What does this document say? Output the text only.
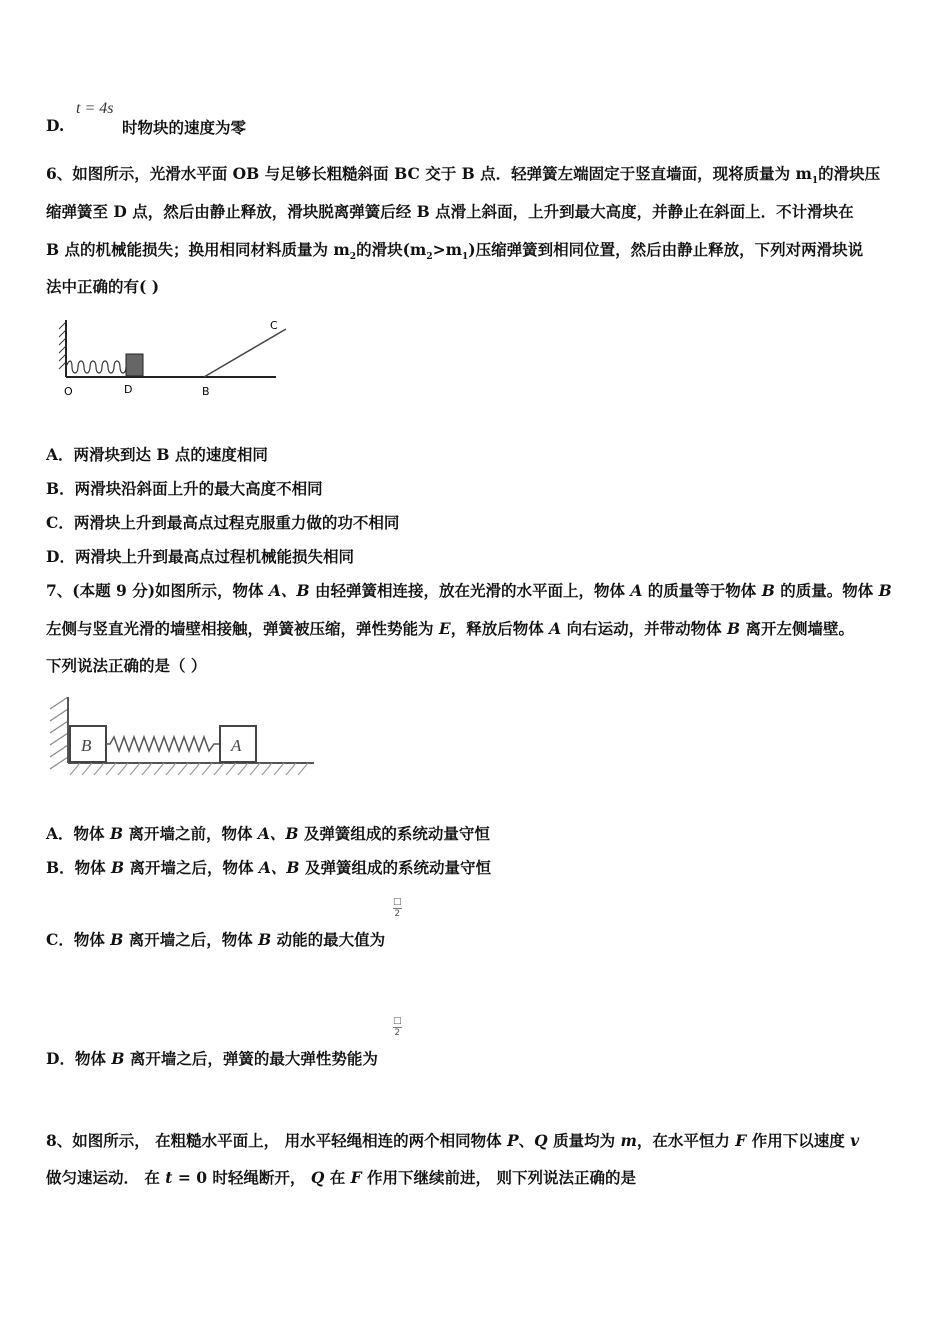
D.
t = 4s
时物块的速度为零
6、如图所示，光滑水平面 OB 与足够长粗糙斜面 BC 交于 B 点．轻弹簧左端固定于竖直墙面，现将质量为 $m_1$的滑块压
缩弹簧至 D 点，然后由静止释放，滑块脱离弹簧后经 B 点滑上斜面，上升到最大高度，并静止在斜面上．不计滑块在
B 点的机械能损失；换用相同材料质量为 $m_2$的滑块$(m_2>m_1)$压缩弹簧到相同位置，然后由静止释放，下列对两滑块说
法中正确的有( )
O	D	B
C
A．两滑块到达 B 点的速度相同
B．两滑块沿斜面上升的最大高度不相同
C．两滑块上升到最高点过程克服重力做的功不相同
D．两滑块上升到最高点过程机械能损失相同
7、(本题 9 分)如图所示，物体 A、B 由轻弹簧相连接，放在光滑的水平面上，物体 A 的质量等于物体 B 的质量。物体 B
左侧与竖直光滑的墙壁相接触，弹簧被压缩，弹性势能为 E，释放后物体 A 向右运动，并带动物体 B 离开左侧墙壁。
下列说法正确的是（ ）
B	A
A．物体 B 离开墙之前，物体 A、B 及弹簧组成的系统动量守恒
B．物体 B 离开墙之后，物体 A、B 及弹簧组成的系统动量守恒
□
2
C．物体 B 离开墙之后，物体 B 动能的最大值为
□
2
D．物体 B 离开墙之后，弹簧的最大弹性势能为
8、如图所示， 在粗糙水平面上， 用水平轻绳相连的两个相同物体 P、Q 质量均为 m，在水平恒力 F 作用下以速度 v
做匀速运动． 在 t = 0 时轻绳断开， Q 在 F 作用下继续前进， 则下列说法正确的是
